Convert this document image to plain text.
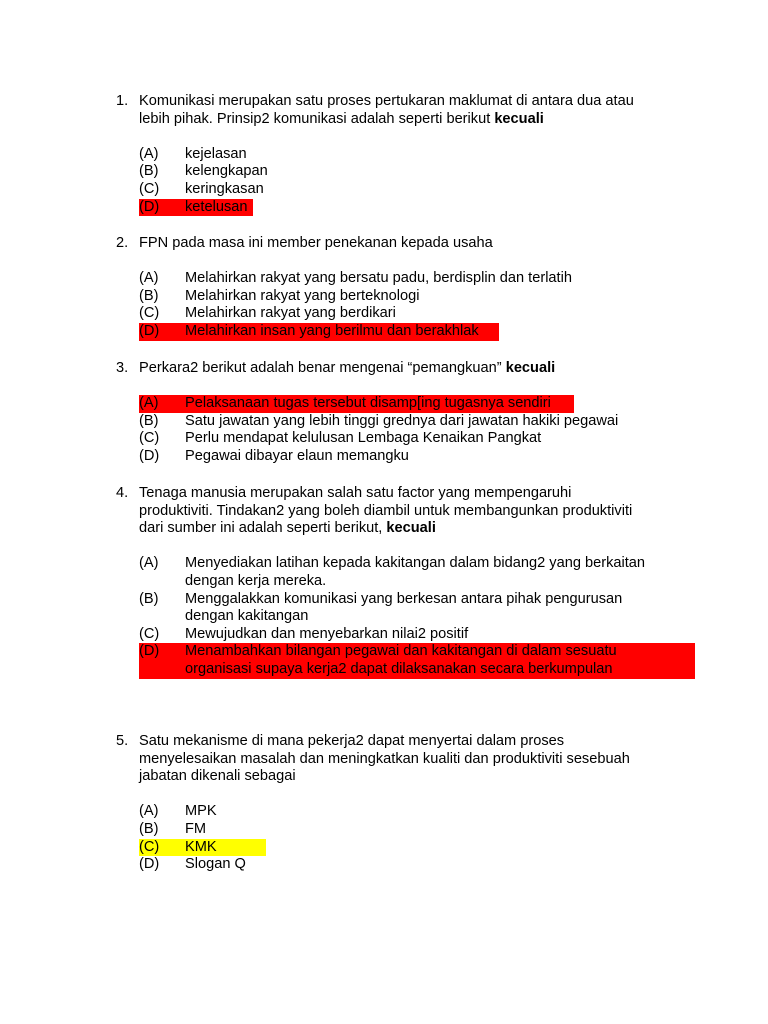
1. Komunikasi merupakan satu proses pertukaran maklumat di antara dua atau
lebih pihak. Prinsip2 komunikasi adalah seperti berikut kecuali
(A) kejelasan
(B) kelengkapan
(C) keringkasan
(D) ketelusan
2. FPN pada masa ini member penekanan kepada usaha
(A) Melahirkan rakyat yang bersatu padu, berdisplin dan terlatih
(B) Melahirkan rakyat yang berteknologi
(C) Melahirkan rakyat yang berdikari
(D) Melahirkan insan yang berilmu dan berakhlak
3. Perkara2 berikut adalah benar mengenai “pemangkuan” kecuali
(A) Pelaksanaan tugas tersebut disamp[ing tugasnya sendiri
(B) Satu jawatan yang lebih tinggi grednya dari jawatan hakiki pegawai
(C) Perlu mendapat kelulusan Lembaga Kenaikan Pangkat
(D) Pegawai dibayar elaun memangku
4. Tenaga manusia merupakan salah satu factor yang mempengaruhi
produktiviti. Tindakan2 yang boleh diambil untuk membangunkan produktiviti
dari sumber ini adalah seperti berikut, kecuali
(A) Menyediakan latihan kepada kakitangan dalam bidang2 yang berkaitan
dengan kerja mereka.
(B) Menggalakkan komunikasi yang berkesan antara pihak pengurusan
dengan kakitangan
(C) Mewujudkan dan menyebarkan nilai2 positif
(D) Menambahkan bilangan pegawai dan kakitangan di dalam sesuatu
organisasi supaya kerja2 dapat dilaksanakan secara berkumpulan
5. Satu mekanisme di mana pekerja2 dapat menyertai dalam proses
menyelesaikan masalah dan meningkatkan kualiti dan produktiviti sesebuah
jabatan dikenali sebagai
(A) MPK
(B) FM
(C) KMK
(D) Slogan Q
